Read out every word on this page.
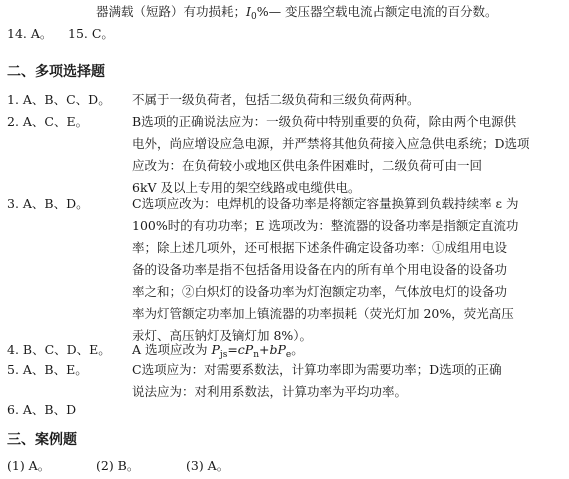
器满载（短路）有功损耗；$I_0\%—$ 变压器空载电流占额定电流的百分数。
14. A。 15. C。
二、多项选择题
1. A、B、C、D。 不属于一级负荷者，包括二级负荷和三级负荷两种。
2. A、C、E。	B选项的正确说法应为：一级负荷中特别重要的负荷，除由两个电源供
电外，尚应增设应急电源，并严禁将其他负荷接入应急供电系统；D选项
应改为：在负荷较小或地区供电条件困难时，二级负荷可由一回
6kV 及以上专用的架空线路或电缆供电。
3. A、B、D。	C选项应改为：电焊机的设备功率是将额定容量换算到负载持续率 ε 为
100%时的有功功率；E 选项改为：整流器的设备功率是指额定直流功
率；除上述几项外，还可根据下述条件确定设备功率：①成组用电设
备的设备功率是指不包括备用设备在内的所有单个用电设备的设备功
率之和；②白炽灯的设备功率为灯泡额定功率，气体放电灯的设备功
率为灯管额定功率加上镇流器的功率损耗（荧光灯加 20%，荧光高压
汞灯、高压钠灯及镝灯加 8%）。
4. B、C、D、E。 A 选项应改为 $P_{js}=cP_n+bP_e$。
5. A、B、E。	C选项应为：对需要系数法，计算功率即为需要功率；D选项的正确
说法应为：对利用系数法，计算功率为平均功率。
6. A、B、D
三、案例题
(1) A。	(2) B。	(3) A。
